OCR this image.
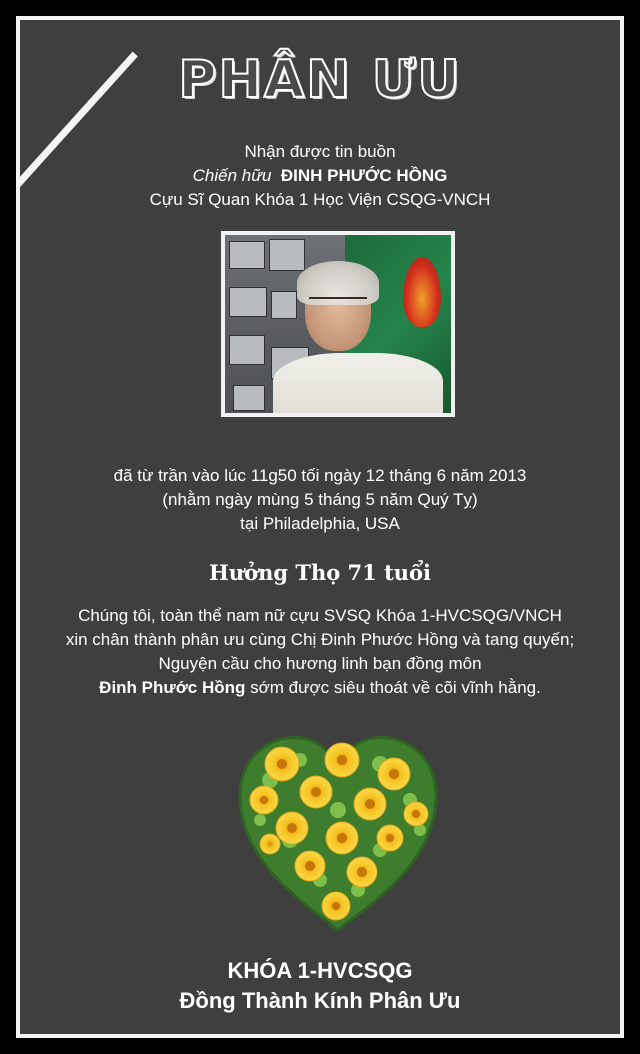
PHÂN ƯU
Nhận được tin buồn
Chiến hữu ĐINH PHƯỚC HỒNG
Cựu Sĩ Quan Khóa 1 Học Viện CSQG-VNCH
đã từ trần vào lúc 11g50 tối ngày 12 tháng 6 năm 2013
(nhằm ngày mùng 5 tháng 5 năm Quý Tỵ)
tại Philadelphia, USA
Hưởng Thọ 71 tuổi
Chúng tôi, toàn thể nam nữ cựu SVSQ Khóa 1-HVCSQG/VNCH
xin chân thành phân ưu cùng Chị Đinh Phước Hồng và tang quyến;
Nguyện cầu cho hương linh bạn đồng môn
Đinh Phước Hồng sớm được siêu thoát về cõi vĩnh hằng.
KHÓA 1-HVCSQG
Đồng Thành Kính Phân Ưu
